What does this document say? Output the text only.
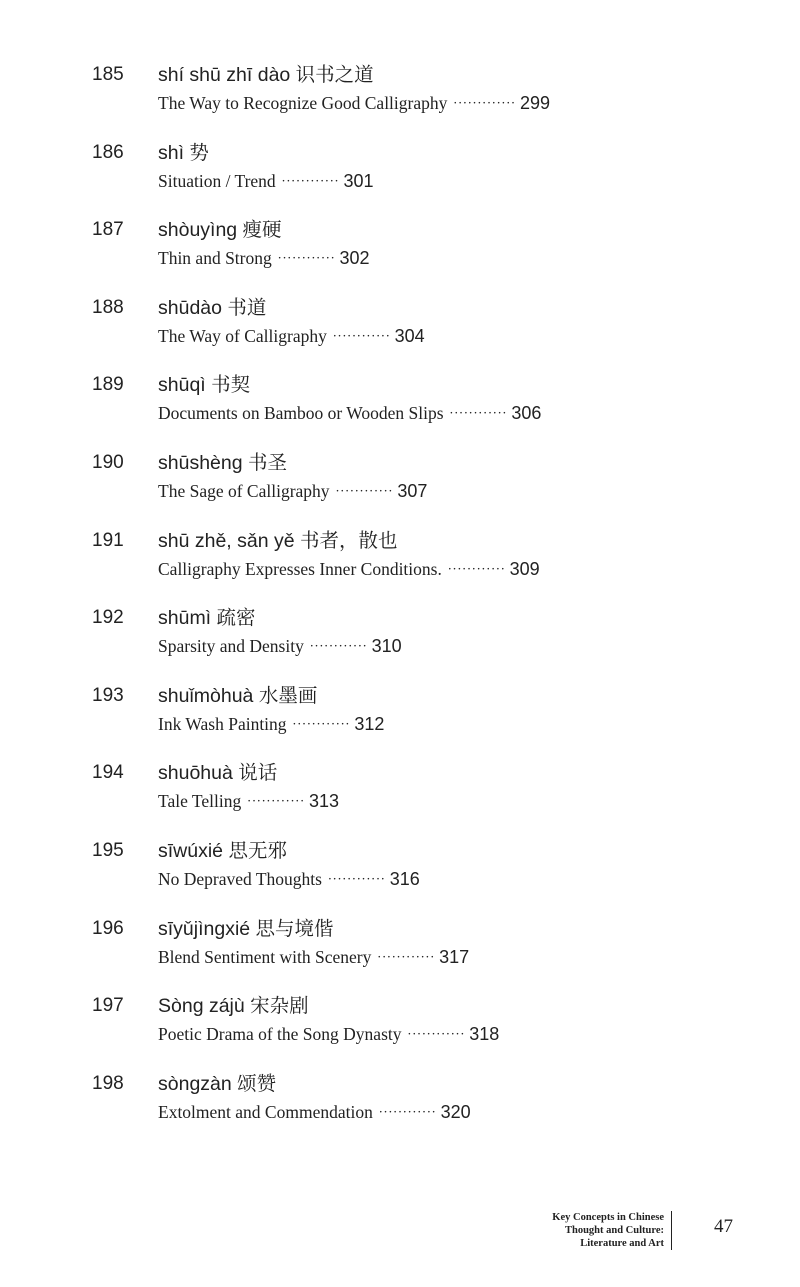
185 shí shū zhī dào 识书之道
The Way to Recognize Good Calligraphy ············· 299
186 shì 势
Situation / Trend ············ 301
187 shòuyìng 瘦硬
Thin and Strong ············ 302
188 shūdào 书道
The Way of Calligraphy ············ 304
189 shūqì 书契
Documents on Bamboo or Wooden Slips ············ 306
190 shūshèng 书圣
The Sage of Calligraphy ············ 307
191 shū zhě, sǎn yě 书者，散也
Calligraphy Expresses Inner Conditions. ············ 309
192 shūmì 疏密
Sparsity and Density ············ 310
193 shuǐmòhuà 水墨画
Ink Wash Painting ············ 312
194 shuōhuà 说话
Tale Telling ············ 313
195 sīwúxié 思无邪
No Depraved Thoughts ············ 316
196 sīyǔjìngxié 思与境偕
Blend Sentiment with Scenery ············ 317
197 Sòng zájù 宋杂剧
Poetic Drama of the Song Dynasty ············ 318
198 sòngzàn 颂赞
Extolment and Commendation ············ 320
Key Concepts in Chinese
Thought and Culture:
Literature and Art
47
